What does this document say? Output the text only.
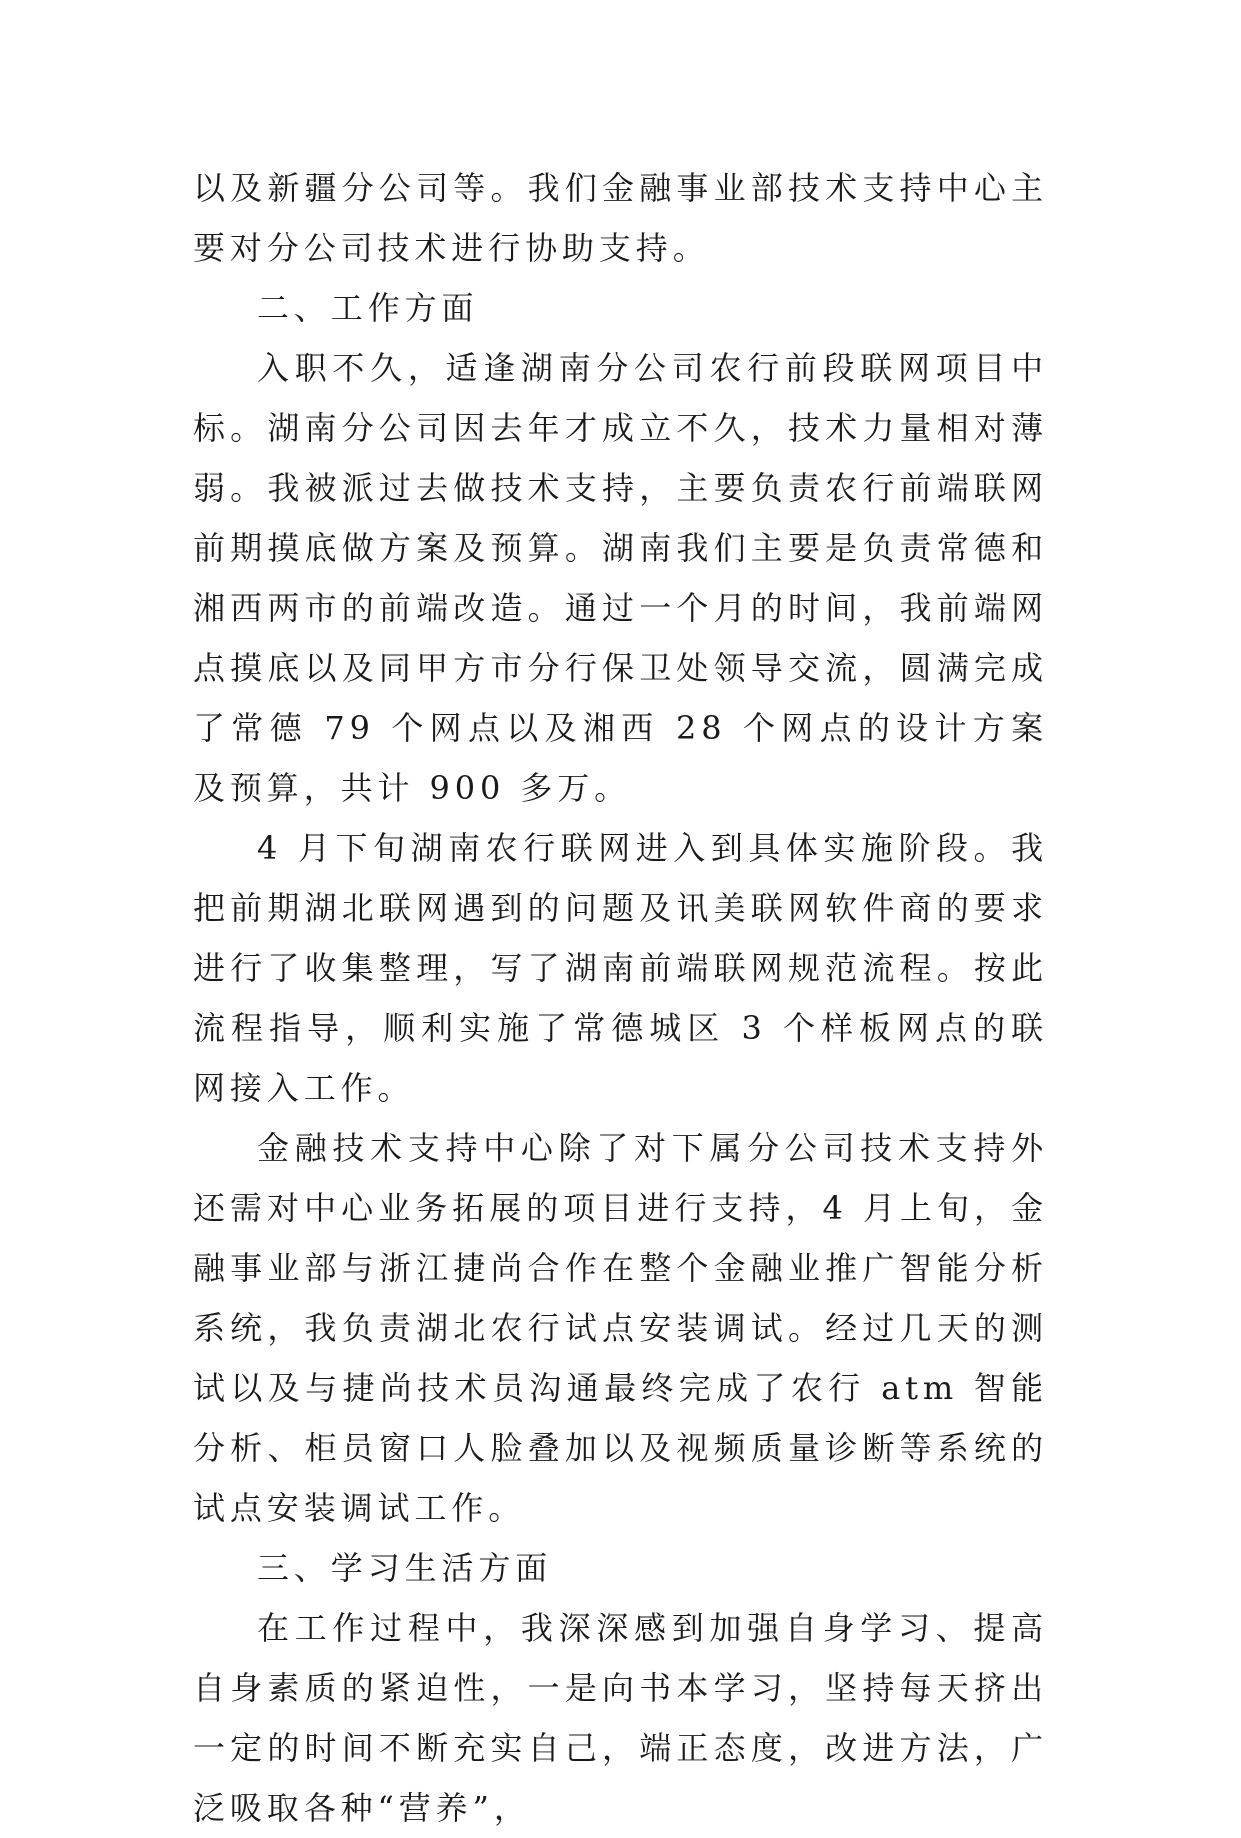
以及新疆分公司等。我们金融事业部技术支持中心主要对分公司技术进行协助支持。

二、工作方面

入职不久，适逢湖南分公司农行前段联网项目中标。湖南分公司因去年才成立不久，技术力量相对薄弱。我被派过去做技术支持，主要负责农行前端联网前期摸底做方案及预算。湖南我们主要是负责常德和湘西两市的前端改造。通过一个月的时间，我前端网点摸底以及同甲方市分行保卫处领导交流，圆满完成了常德 79 个网点以及湘西 28 个网点的设计方案及预算，共计 900 多万。

4 月下旬湖南农行联网进入到具体实施阶段。我把前期湖北联网遇到的问题及讯美联网软件商的要求进行了收集整理，写了湖南前端联网规范流程。按此流程指导，顺利实施了常德城区 3 个样板网点的联网接入工作。

金融技术支持中心除了对下属分公司技术支持外还需对中心业务拓展的项目进行支持，4 月上旬，金融事业部与浙江捷尚合作在整个金融业推广智能分析系统，我负责湖北农行试点安装调试。经过几天的测试以及与捷尚技术员沟通最终完成了农行 atm 智能分析、柜员窗口人脸叠加以及视频质量诊断等系统的试点安装调试工作。

三、学习生活方面

在工作过程中，我深深感到加强自身学习、提高自身素质的紧迫性，一是向书本学习，坚持每天挤出一定的时间不断充实自己，端正态度，改进方法，广泛吸取各种“营养”，
